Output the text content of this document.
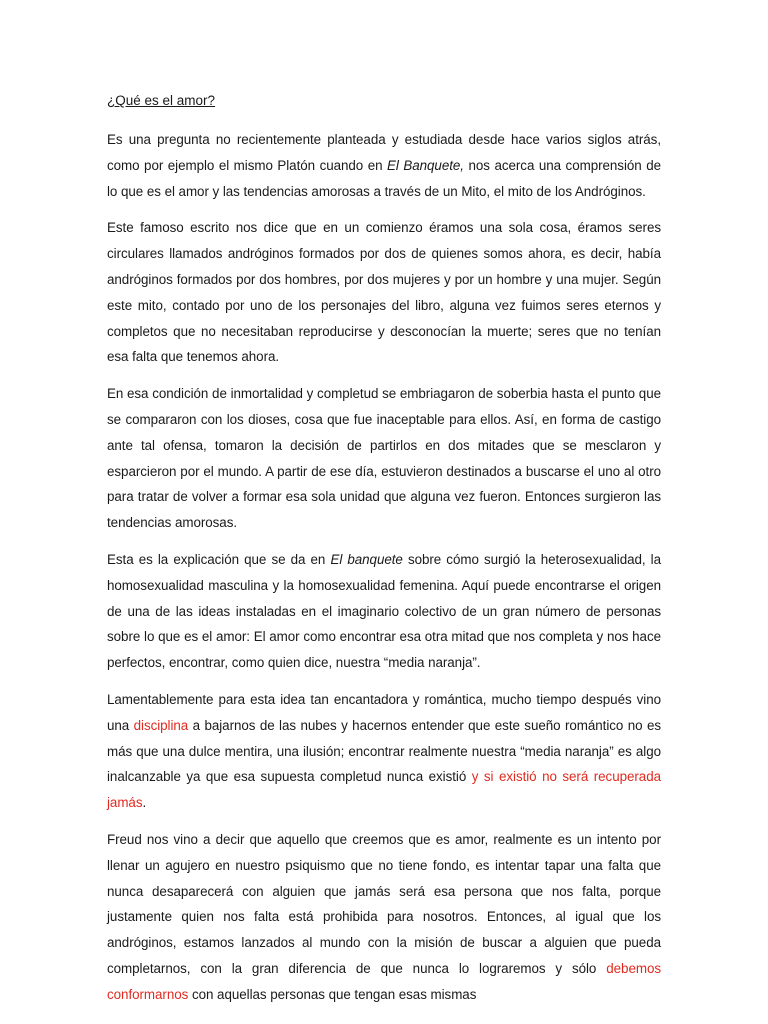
¿Qué es el amor?

Es una pregunta no recientemente planteada y estudiada desde hace varios siglos atrás, como por ejemplo el mismo Platón cuando en El Banquete, nos acerca una comprensión de lo que es el amor y las tendencias amorosas a través de un Mito, el mito de los Andróginos.

Este famoso escrito nos dice que en un comienzo éramos una sola cosa, éramos seres circulares llamados andróginos formados por dos de quienes somos ahora, es decir, había andróginos formados por dos hombres, por dos mujeres y por un hombre y una mujer. Según este mito, contado por uno de los personajes del libro, alguna vez fuimos seres eternos y completos que no necesitaban reproducirse y desconocían la muerte; seres que no tenían esa falta que tenemos ahora.

En esa condición de inmortalidad y completud se embriagaron de soberbia hasta el punto que se compararon con los dioses, cosa que fue inaceptable para ellos. Así, en forma de castigo ante tal ofensa, tomaron la decisión de partirlos en dos mitades que se mesclaron y esparcieron por el mundo. A partir de ese día, estuvieron destinados a buscarse el uno al otro para tratar de volver a formar esa sola unidad que alguna vez fueron. Entonces surgieron las tendencias amorosas.

Esta es la explicación que se da en El banquete sobre cómo surgió la heterosexualidad, la homosexualidad masculina y la homosexualidad femenina. Aquí puede encontrarse el origen de una de las ideas instaladas en el imaginario colectivo de un gran número de personas sobre lo que es el amor: El amor como encontrar esa otra mitad que nos completa y nos hace perfectos, encontrar, como quien dice, nuestra “media naranja”.

Lamentablemente para esta idea tan encantadora y romántica, mucho tiempo después vino una disciplina a bajarnos de las nubes y hacernos entender que este sueño romántico no es más que una dulce mentira, una ilusión; encontrar realmente nuestra “media naranja” es algo inalcanzable ya que esa supuesta completud nunca existió y si existió no será recuperada jamás.

Freud nos vino a decir que aquello que creemos que es amor, realmente es un intento por llenar un agujero en nuestro psiquismo que no tiene fondo, es intentar tapar una falta que nunca desaparecerá con alguien que jamás será esa persona que nos falta, porque justamente quien nos falta está prohibida para nosotros. Entonces, al igual que los andróginos, estamos lanzados al mundo con la misión de buscar a alguien que pueda completarnos, con la gran diferencia de que nunca lo lograremos y sólo debemos conformarnos con aquellas personas que tengan esas mismas
